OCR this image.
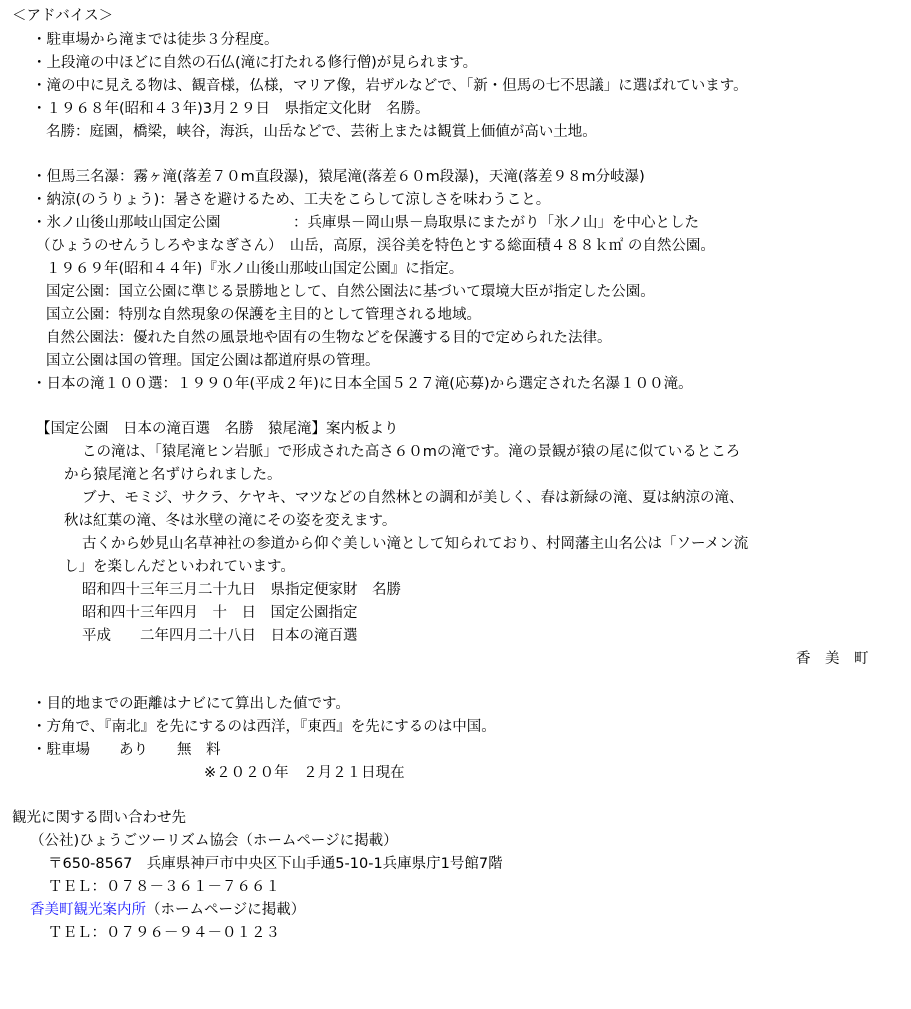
＜アドバイス＞
・駐車場から滝までは徒歩３分程度。
・上段滝の中ほどに自然の石仏(滝に打たれる修行僧)が見られます。
・滝の中に見える物は、観音様，仏様，マリア像，岩ザルなどで、「新・但馬の七不思議」に選ばれています。
・１９６８年(昭和４３年)3月２９日　県指定文化財　名勝。
名勝：庭園，橋梁，峡谷，海浜，山岳などで、芸術上または観賞上価値が高い土地。
・但馬三名瀑：霧ヶ滝(落差７０m直段瀑)，猿尾滝(落差６０m段瀑)，天滝(落差９８m分岐瀑)
・納涼(のうりょう)：暑さを避けるため、工夫をこらして涼しさを味わうこと。
・氷ノ山後山那岐山国定公園　　　　　：兵庫県－岡山県－鳥取県にまたがり「氷ノ山」を中心とした
（ひょうのせんうしろやまなぎさん）　山岳，高原，渓谷美を特色とする総面積４８８ｋ㎡ の自然公園。
１９６９年(昭和４４年)『氷ノ山後山那岐山国定公園』に指定。
国定公園：国立公園に準じる景勝地として、自然公園法に基づいて環境大臣が指定した公園。
国立公園：特別な自然現象の保護を主目的として管理される地域。
自然公園法：優れた自然の風景地や固有の生物などを保護する目的で定められた法律。
国立公園は国の管理。国定公園は都道府県の管理。
・日本の滝１００選：１９９０年(平成２年)に日本全国５２７滝(応募)から選定された名瀑１００滝。
【国定公園　日本の滝百選　名勝　猿尾滝】案内板より
この滝は、「猿尾滝ヒン岩脈」で形成された高さ６０mの滝です。滝の景観が猿の尾に似ているところ
から猿尾滝と名ずけられました。
ブナ、モミジ、サクラ、ケヤキ、マツなどの自然林との調和が美しく、春は新緑の滝、夏は納涼の滝、
秋は紅葉の滝、冬は氷壁の滝にその姿を変えます。
古くから妙見山名草神社の参道から仰ぐ美しい滝として知られており、村岡藩主山名公は「ソーメン流
し」を楽しんだといわれています。
昭和四十三年三月二十九日　県指定便家財　名勝
昭和四十三年四月　十　日　国定公園指定
平成　　二年四月二十八日　日本の滝百選
香　美　町
・目的地までの距離はナビにて算出した値です。
・方角で、『南北』を先にするのは西洋，『東西』を先にするのは中国。
・駐車場　　あり　　無　料
※２０２０年　２月２１日現在
観光に関する問い合わせ先
（公社)ひょうごツーリズム協会（ホームページに掲載）
〒650-8567　兵庫県神戸市中央区下山手通5-10-1兵庫県庁1号館7階
ＴＥＬ：０７８－３６１－７６６１
香美町観光案内所（ホームページに掲載）
ＴＥＬ：０７９６－９４－０１２３
